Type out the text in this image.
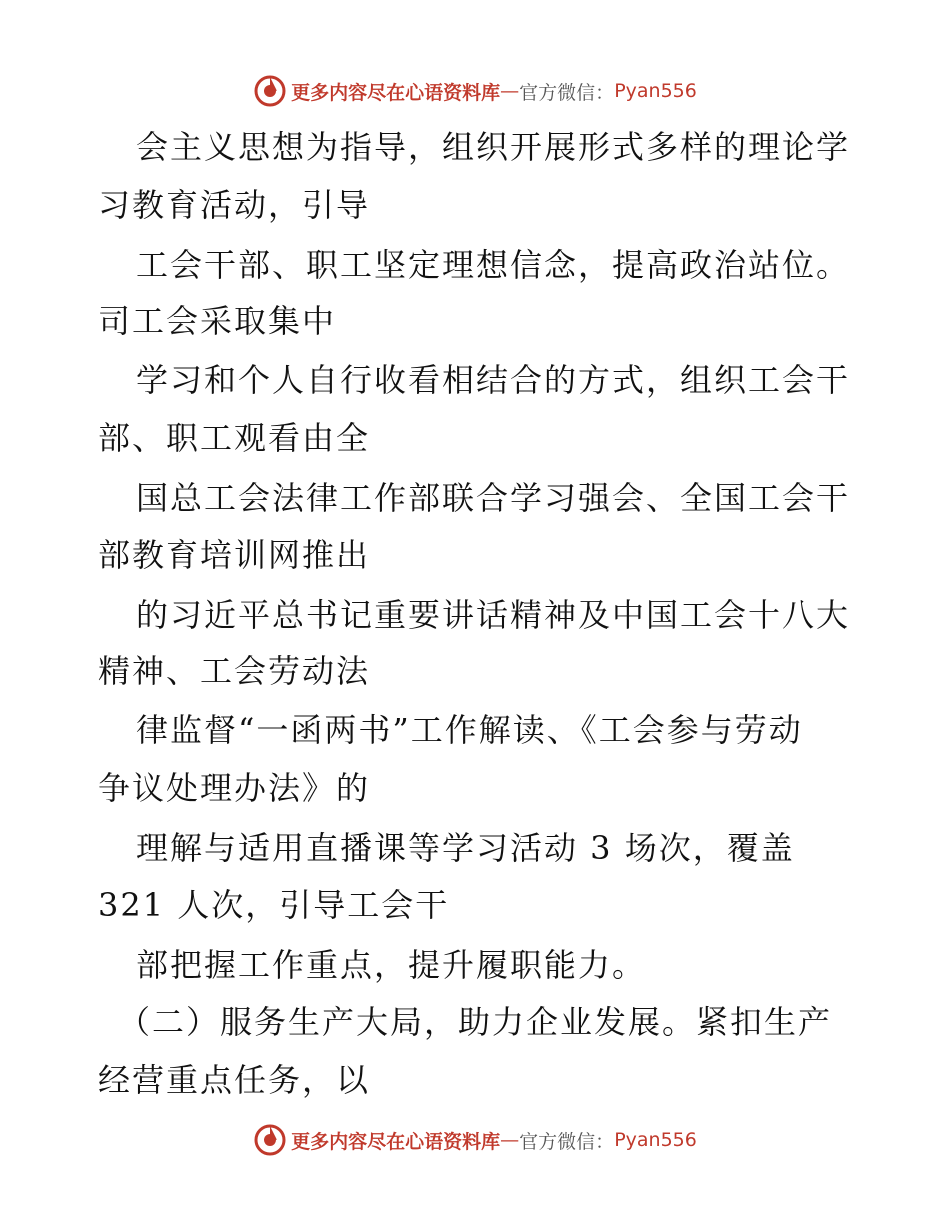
更多内容尽在心语资料库 — 官方微信： Pyan556
会主义思想为指导，组织开展形式多样的理论学
习教育活动，引导
工会干部、职工坚定理想信念，提高政治站位。
司工会采取集中
学习和个人自行收看相结合的方式，组织工会干
部、职工观看由全
国总工会法律工作部联合学习强会、全国工会干
部教育培训网推出
的习近平总书记重要讲话精神及中国工会十八大
精神、工会劳动法
律监督“一函两书”工作解读、《工会参与劳动
争议处理办法》的
理解与适用直播课等学习活动 3 场次，覆盖
321 人次，引导工会干
部把握工作重点，提升履职能力。
（二）服务生产大局，助力企业发展。紧扣生产
经营重点任务，以
更多内容尽在心语资料库 — 官方微信： Pyan556
